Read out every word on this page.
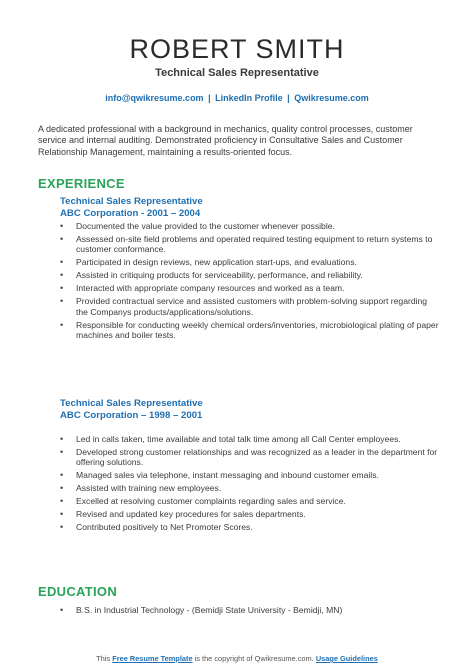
ROBERT SMITH
Technical Sales Representative
info@qwikresume.com | LinkedIn Profile | Qwikresume.com
A dedicated professional with a background in mechanics, quality control processes, customer service and internal auditing. Demonstrated proficiency in Consultative Sales and Customer Relationship Management, maintaining a results-oriented focus.
EXPERIENCE
Technical Sales Representative
ABC Corporation - 2001 – 2004
• Documented the value provided to the customer whenever possible.
• Assessed on-site field problems and operated required testing equipment to return systems to customer conformance.
• Participated in design reviews, new application start-ups, and evaluations.
• Assisted in critiquing products for serviceability, performance, and reliability.
• Interacted with appropriate company resources and worked as a team.
• Provided contractual service and assisted customers with problem-solving support regarding the Companys products/applications/solutions.
• Responsible for conducting weekly chemical orders/inventories, microbiological plating of paper machines and boiler tests.
Technical Sales Representative
ABC Corporation – 1998 – 2001
• Led in calls taken, time available and total talk time among all Call Center employees.
• Developed strong customer relationships and was recognized as a leader in the department for offering solutions.
• Managed sales via telephone, instant messaging and inbound customer emails.
• Assisted with training new employees.
• Excelled at resolving customer complaints regarding sales and service.
• Revised and updated key procedures for sales departments.
• Contributed positively to Net Promoter Scores.
EDUCATION
• B.S. in Industrial Technology - (Bemidji State University - Bemidji, MN)
This Free Resume Template is the copyright of Qwikresume.com. Usage Guidelines
